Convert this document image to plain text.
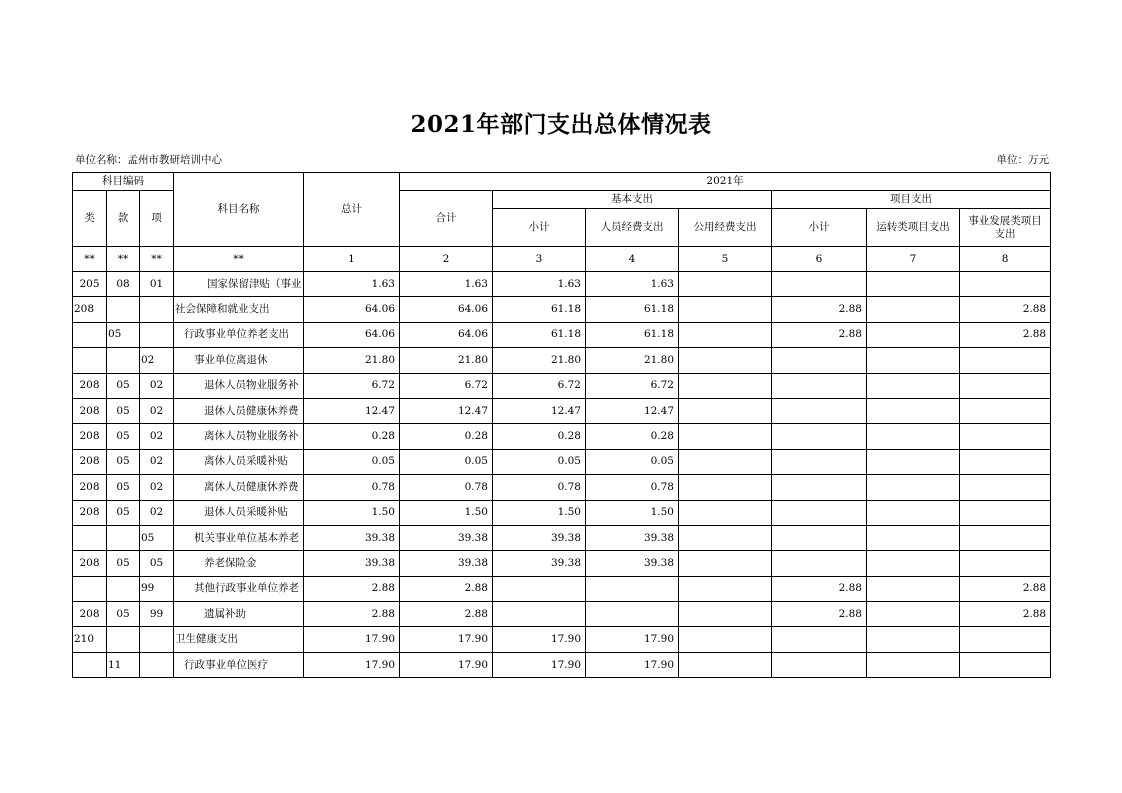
2021年部门支出总体情况表
单位名称：孟州市教研培训中心	单位：万元
科目编码			科目名称	总计	2021年						
类	款	项			合计	基本支出			项目支出		
						小计	人员经费支出	公用经费支出	小计	运转类项目支出	事业发展类项目支出
**	**	**	**	1	2	3	4	5	6	7	8
205	08	01	国家保留津贴（事业	1.63	1.63	1.63	1.63				
208			社会保障和就业支出	64.06	64.06	61.18	61.18		2.88		2.88
	05		行政事业单位养老支出	64.06	64.06	61.18	61.18		2.88		2.88
		02	事业单位离退休	21.80	21.80	21.80	21.80				
208	05	02	退休人员物业服务补	6.72	6.72	6.72	6.72				
208	05	02	退休人员健康休养费	12.47	12.47	12.47	12.47				
208	05	02	离休人员物业服务补	0.28	0.28	0.28	0.28				
208	05	02	离休人员采暖补贴	0.05	0.05	0.05	0.05				
208	05	02	离休人员健康休养费	0.78	0.78	0.78	0.78				
208	05	02	退休人员采暖补贴	1.50	1.50	1.50	1.50				
		05	机关事业单位基本养老	39.38	39.38	39.38	39.38				
208	05	05	养老保险金	39.38	39.38	39.38	39.38				
		99	其他行政事业单位养老	2.88	2.88				2.88		2.88
208	05	99	遗属补助	2.88	2.88				2.88		2.88
210			卫生健康支出	17.90	17.90	17.90	17.90				
	11		行政事业单位医疗	17.90	17.90	17.90	17.90				
